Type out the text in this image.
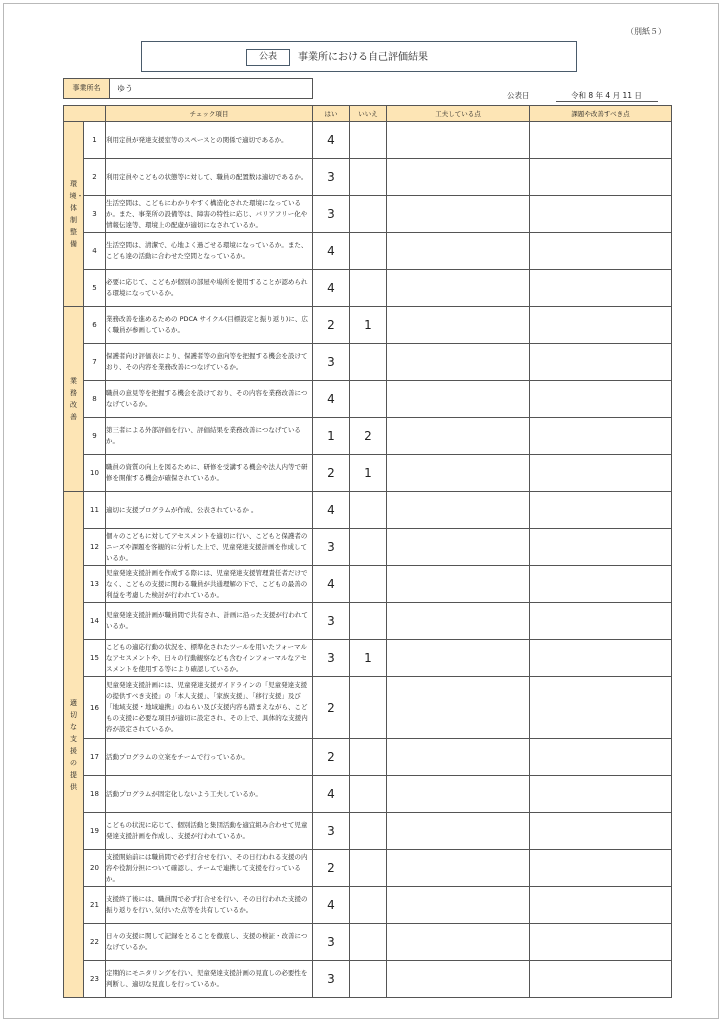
（別紙５）
公表	事業所における自己評価結果
事業所名	ゆう
公表日	令和 8 年 4 月 11 日
		チェック項目	はい	いいえ	工夫している点	課題や改善すべき点
環境・体制整備	1	利用定員が発達支援室等のスペースとの関係で適切であるか。	4			
	2	利用定員やこどもの状態等に対して、職員の配置数は適切であるか。	3			
	3	生活空間は、こどもにわかりやすく構造化された環境になっているか。また、事業所の設備等は、障害の特性に応じ、バリアフリー化や情報伝達等、環境上の配慮が適切になされているか。	3			
	4	生活空間は、清潔で、心地よく過ごせる環境になっているか。また、こども達の活動に合わせた空間となっているか。	4			
	5	必要に応じて、こどもが個別の部屋や場所を使用することが認められる環境になっているか。	4			
業務改善	6	業務改善を進めるための PDCA サイクル(目標設定と振り返り)に、広く職員が参画しているか。	2	1		
	7	保護者向け評価表により、保護者等の意向等を把握する機会を設けており、その内容を業務改善につなげているか。	3			
	8	職員の意見等を把握する機会を設けており、その内容を業務改善につなげているか。	4			
	9	第三者による外部評価を行い、評価結果を業務改善につなげているか。	1	2		
	10	職員の資質の向上を図るために、研修を受講する機会や法人内等で研修を開催する機会が確保されているか。	2	1		
適切な支援の提供	11	適切に支援プログラムが作成、公表されているか 。	4			
	12	個々のこどもに対してアセスメントを適切に行い、こどもと保護者のニーズや課題を客観的に分析した上で、児童発達支援計画を作成しているか。	3			
	13	児童発達支援計画を作成する際には、児童発達支援管理責任者だけでなく、こどもの支援に関わる職員が共通理解の下で、こどもの最善の利益を考慮した検討が行われているか。	4			
	14	児童発達支援計画が職員間で共有され、計画に沿った支援が行われているか。	3			
	15	こどもの適応行動の状況を、標準化されたツールを用いたフォーマルなアセスメントや、日々の行動観察なども含むインフォーマルなアセスメントを使用する等により確認しているか。	3	1		
	16	児童発達支援計画には、児童発達支援ガイドラインの「児童発達支援の提供すべき支援」の「本人支援」、「家族支援」、「移行支援」及び「地域支援・地域連携」のねらい及び支援内容も踏まえながら、こどもの支援に必要な項目が適切に設定され、その上で、具体的な支援内容が設定されているか。	2			
	17	活動プログラムの立案をチームで行っているか。	2			
	18	活動プログラムが固定化しないよう工夫しているか。	4			
	19	こどもの状況に応じて、個別活動と集団活動を適宜組み合わせて児童発達支援計画を作成し、支援が行われているか。	3			
	20	支援開始前には職員間で必ず打合せを行い、その日行われる支援の内容や役割分担について確認し、チームで連携して支援を行っているか。	2			
	21	支援終了後には、職員間で必ず打合せを行い、その日行われた支援の振り返りを行い､気付いた点等を共有しているか。	4			
	22	日々の支援に関して記録をとることを徹底し、支援の検証・改善につなげているか。	3			
	23	定期的にモニタリングを行い、児童発達支援計画の見直しの必要性を判断し、適切な見直しを行っているか。	3			
